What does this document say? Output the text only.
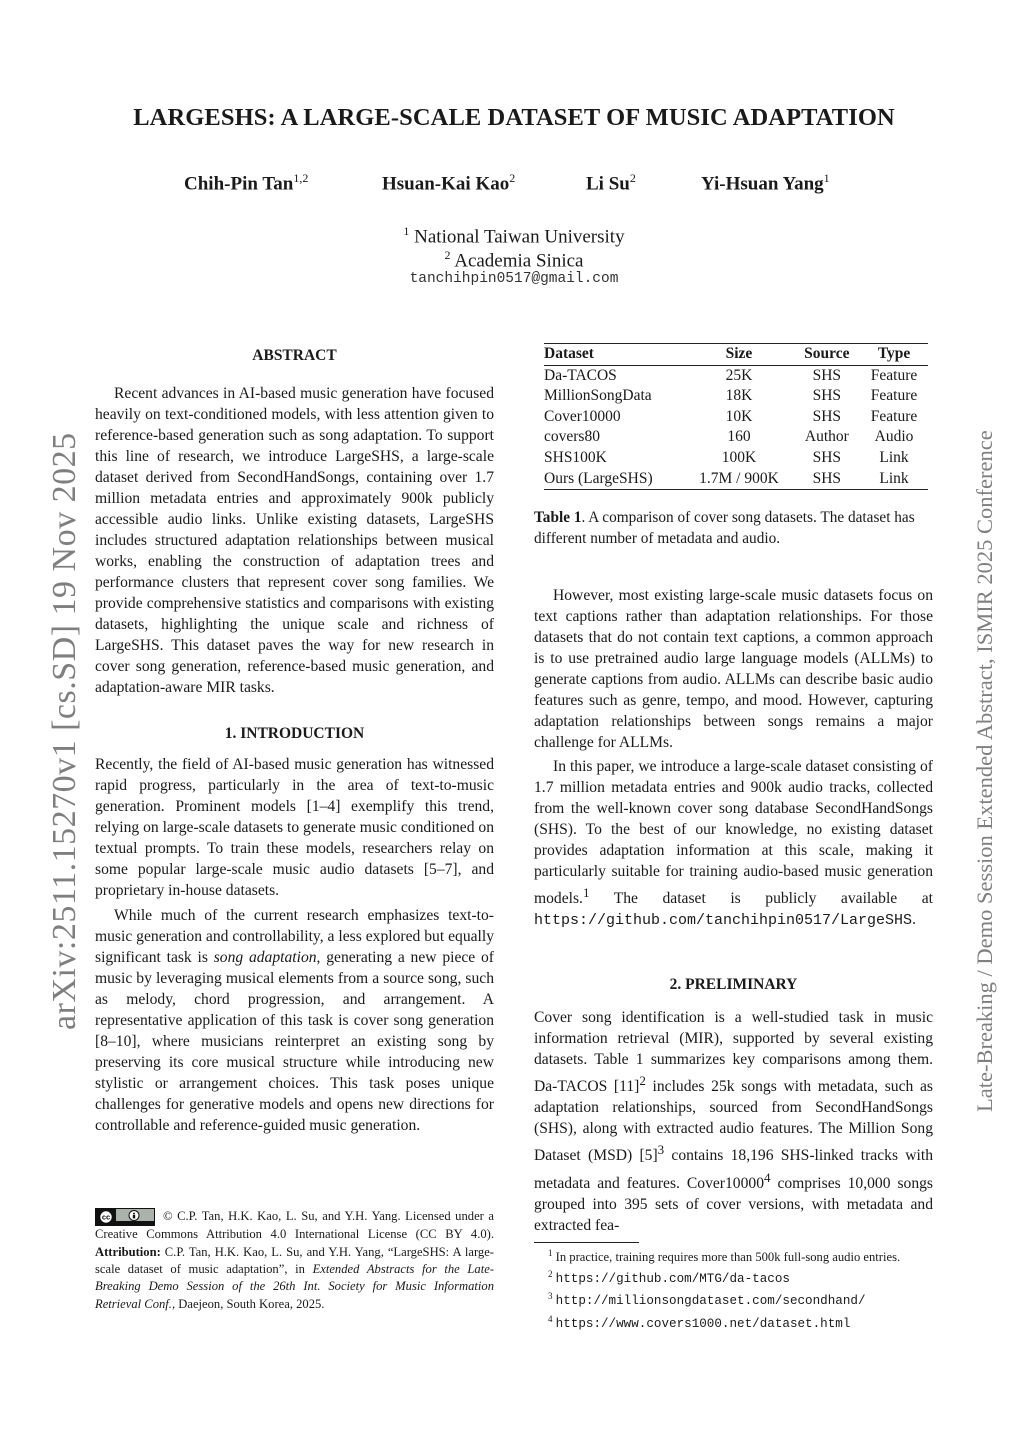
LARGESHS: A LARGE-SCALE DATASET OF MUSIC ADAPTATION
Chih-Pin Tan$^{1,2}$	Hsuan-Kai Kao$^2$	Li Su$^2$	Yi-Hsuan Yang$^1$
$^1$ National Taiwan University
$^2$ Academia Sinica
tanchihpin0517@gmail.com
arXiv:2511.15270v1 [cs.SD] 19 Nov 2025	Late-Breaking / Demo Session Extended Abstract, ISMIR 2025 Conference

ABSTRACT

Recent advances in AI-based music generation have focused heavily on text-conditioned models, with less attention given to reference-based generation such as song adaptation. To support this line of research, we introduce LargeSHS, a large-scale dataset derived from SecondHandSongs, containing over 1.7 million metadata entries and approximately 900k publicly accessible audio links. Unlike existing datasets, LargeSHS includes structured adaptation relationships between musical works, enabling the construction of adaptation trees and performance clusters that represent cover song families. We provide comprehensive statistics and comparisons with existing datasets, highlighting the unique scale and richness of LargeSHS. This dataset paves the way for new research in cover song generation, reference-based music generation, and adaptation-aware MIR tasks.

1. INTRODUCTION

Recently, the field of AI-based music generation has witnessed rapid progress, particularly in the area of text-to-music generation. Prominent models [1–4] exemplify this trend, relying on large-scale datasets to generate music conditioned on textual prompts. To train these models, researchers relay on some popular large-scale music audio datasets [5–7], and proprietary in-house datasets.

While much of the current research emphasizes text-to-music generation and controllability, a less explored but equally significant task is song adaptation, generating a new piece of music by leveraging musical elements from a source song, such as melody, chord progression, and arrangement. A representative application of this task is cover song generation [8–10], where musicians reinterpret an existing song by preserving its core musical structure while introducing new stylistic or arrangement choices. This task poses unique challenges for generative models and opens new directions for controllable and reference-guided music generation.

cc	© C.P. Tan, H.K. Kao, L. Su, and Y.H. Yang. Licensed under a Creative Commons Attribution 4.0 International License (CC BY 4.0). Attribution: C.P. Tan, H.K. Kao, L. Su, and Y.H. Yang, “LargeSHS: A large-scale dataset of music adaptation”, in Extended Abstracts for the Late-Breaking Demo Session of the 26th Int. Society for Music Information Retrieval Conf., Daejeon, South Korea, 2025.
Dataset	Size	Source	Type
Da-TACOS	25K	SHS	Feature
MillionSongData	18K	SHS	Feature
Cover10000	10K	SHS	Feature
covers80	160	Author	Audio
SHS100K	100K	SHS	Link
Ours (LargeSHS)	1.7M / 900K	SHS	Link
Table 1. A comparison of cover song datasets. The dataset has different number of metadata and audio.

However, most existing large-scale music datasets focus on text captions rather than adaptation relationships. For those datasets that do not contain text captions, a common approach is to use pretrained audio large language models (ALLMs) to generate captions from audio. ALLMs can describe basic audio features such as genre, tempo, and mood. However, capturing adaptation relationships between songs remains a major challenge for ALLMs.

In this paper, we introduce a large-scale dataset consisting of 1.7 million metadata entries and 900k audio tracks, collected from the well-known cover song database SecondHandSongs (SHS). To the best of our knowledge, no existing dataset provides adaptation information at this scale, making it particularly suitable for training audio-based music generation models.$^1$ The dataset is publicly available at https://github.com/tanchihpin0517/LargeSHS.

2. PRELIMINARY

Cover song identification is a well-studied task in music information retrieval (MIR), supported by several existing datasets. Table 1 summarizes key comparisons among them. Da-TACOS $[11]^2$ includes 25k songs with metadata, such as adaptation relationships, sourced from SecondHandSongs (SHS), along with extracted audio features. The Million Song Dataset (MSD) $[5]^3$ contains 18,196 SHS-linked tracks with metadata and features. Cover10000$^4$ comprises 10,000 songs grouped into 395 sets of cover versions, with metadata and extracted fea-

$^1$ In practice, training requires more than 500k full-song audio entries.
$^2$ https://github.com/MTG/da-tacos
$^3$ http://millionsongdataset.com/secondhand/
$^4$ https://www.covers1000.net/dataset.html
